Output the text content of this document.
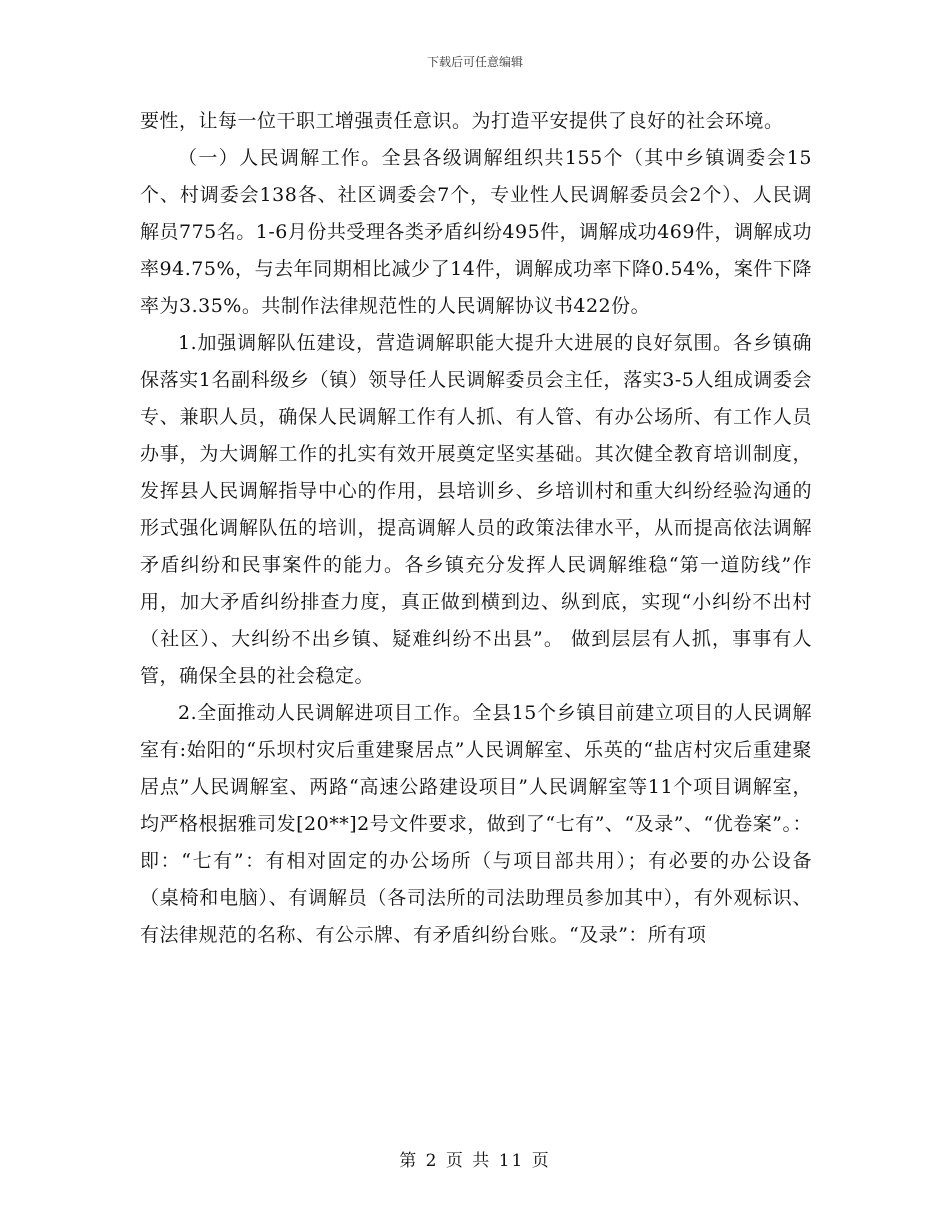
下载后可任意编辑

要性，让每一位干职工增强责任意识。为打造平安提供了良好的社会环境。

（一）人民调解工作。全县各级调解组织共155个（其中乡镇调委会15个、村调委会138各、社区调委会7个，专业性人民调解委员会2个）、人民调解员775名。1-6月份共受理各类矛盾纠纷495件，调解成功469件，调解成功率94.75%，与去年同期相比减少了14件，调解成功率下降0.54%，案件下降率为3.35%。共制作法律规范性的人民调解协议书422份。

1.加强调解队伍建设，营造调解职能大提升大进展的良好氛围。各乡镇确保落实1名副科级乡（镇）领导任人民调解委员会主任，落实3-5人组成调委会专、兼职人员，确保人民调解工作有人抓、有人管、有办公场所、有工作人员办事，为大调解工作的扎实有效开展奠定坚实基础。其次健全教育培训制度，发挥县人民调解指导中心的作用，县培训乡、乡培训村和重大纠纷经验沟通的形式强化调解队伍的培训，提高调解人员的政策法律水平，从而提高依法调解矛盾纠纷和民事案件的能力。各乡镇充分发挥人民调解维稳“第一道防线”作用，加大矛盾纠纷排查力度，真正做到横到边、纵到底，实现“小纠纷不出村（社区）、大纠纷不出乡镇、疑难纠纷不出县”。 做到层层有人抓，事事有人管，确保全县的社会稳定。

2.全面推动人民调解进项目工作。全县15个乡镇目前建立项目的人民调解室有:始阳的“乐坝村灾后重建聚居点”人民调解室、乐英的“盐店村灾后重建聚居点”人民调解室、两路“高速公路建设项目”人民调解室等11个项目调解室，均严格根据雅司发[20**]2号文件要求，做到了“七有”、“及录”、“优卷案”。：即：“七有”：有相对固定的办公场所（与项目部共用）；有必要的办公设备（桌椅和电脑）、有调解员（各司法所的司法助理员参加其中），有外观标识、有法律规范的名称、有公示牌、有矛盾纠纷台账。“及录”：所有项

第 2 页 共 11 页
